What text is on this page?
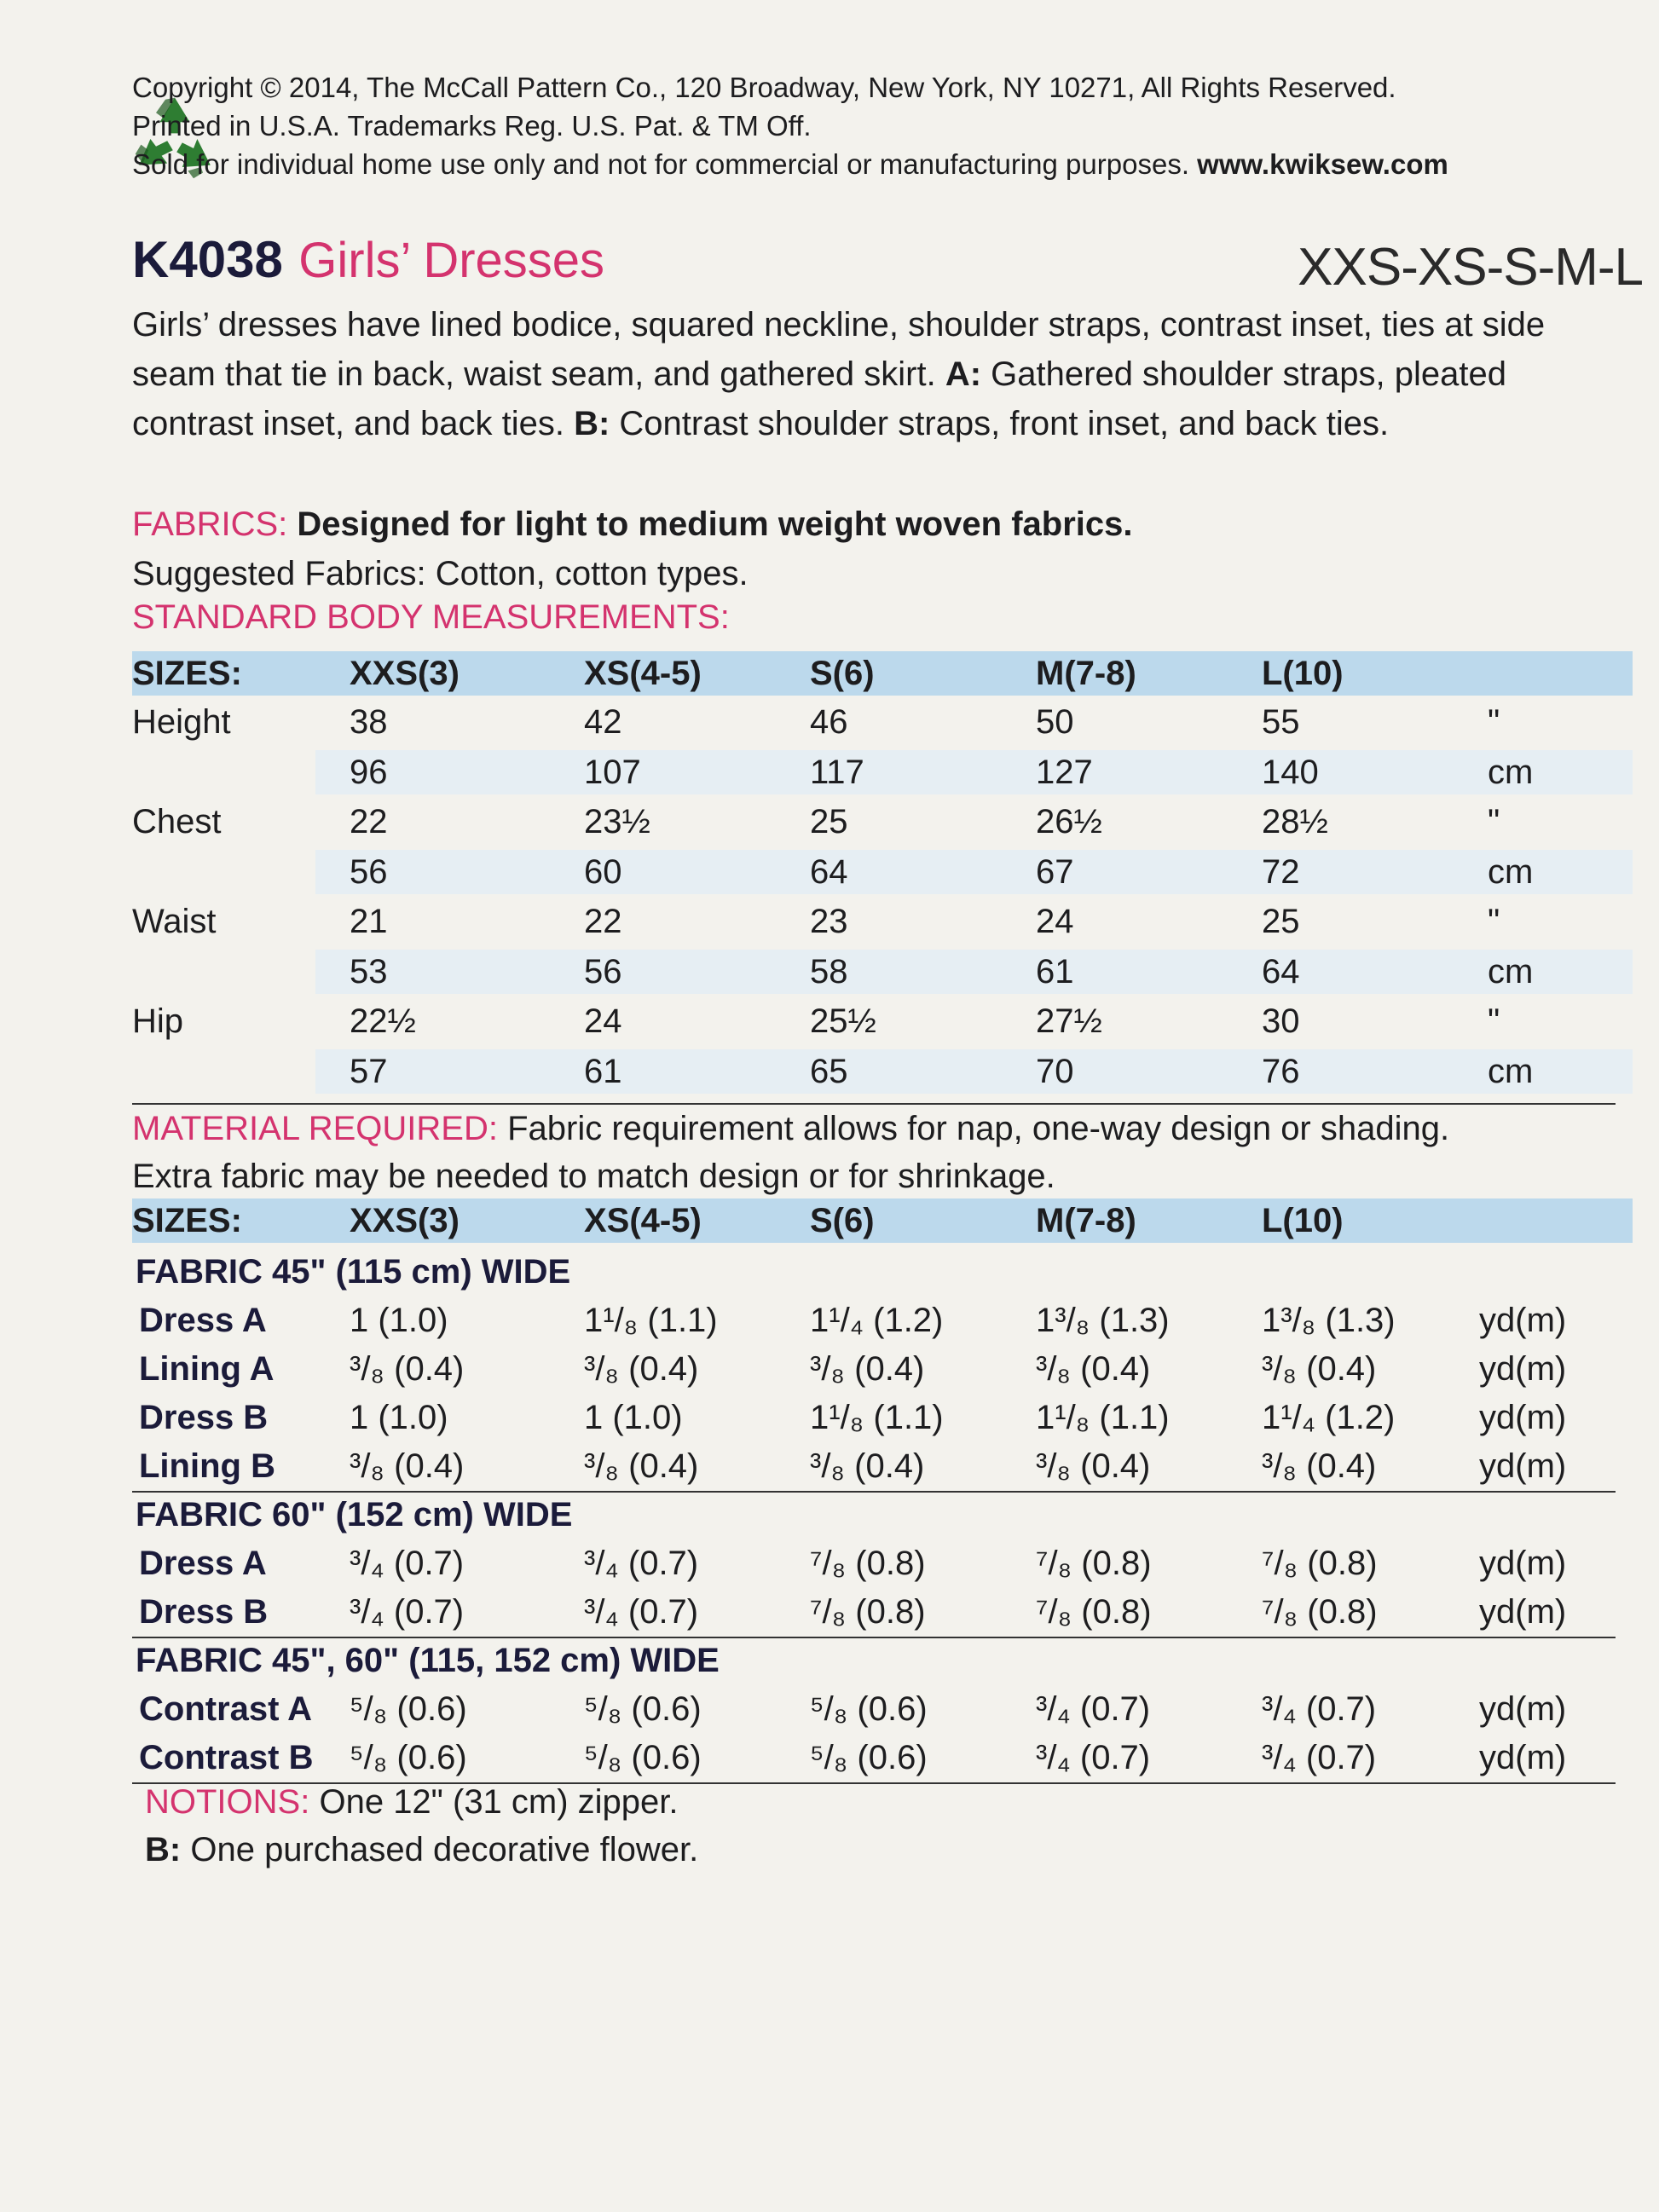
Copyright © 2014, The McCall Pattern Co., 120 Broadway, New York, NY 10271, All Rights Reserved.
Printed in U.S.A. Trademarks Reg. U.S. Pat. & TM Off.
Sold for individual home use only and not for commercial or manufacturing purposes. www.kwiksew.com
K4038 Girls’ Dresses	XXS-XS-S-M-L
Girls’ dresses have lined bodice, squared neckline, shoulder straps, contrast inset, ties at side seam that tie in back, waist seam, and gathered skirt. A: Gathered shoulder straps, pleated contrast inset, and back ties. B: Contrast shoulder straps, front inset, and back ties.
FABRICS: Designed for light to medium weight woven fabrics.
Suggested Fabrics: Cotton, cotton types.
STANDARD BODY MEASUREMENTS:
SIZES:	XXS(3)	XS(4-5)	S(6)	M(7-8)	L(10)
Height	38	42	46	50	55	"
96	107	117	127	140	cm
Chest	22	23½	25	26½	28½	"
56	60	64	67	72	cm
Waist	21	22	23	24	25	"
53	56	58	61	64	cm
Hip	22½	24	25½	27½	30	"
57	61	65	70	76	cm
MATERIAL REQUIRED: Fabric requirement allows for nap, one-way design or shading.
Extra fabric may be needed to match design or for shrinkage.
SIZES:	XXS(3)	XS(4-5)	S(6)	M(7-8)	L(10)
FABRIC 45" (115 cm) WIDE
Dress A 1 (1.0)	1¹/₈ (1.1)	1¹/₄ (1.2)	1³/₈ (1.3)	1³/₈ (1.3) yd(m)
Lining A ³/₈ (0.4)	³/₈ (0.4)	³/₈ (0.4)	³/₈ (0.4)	³/₈ (0.4)	yd(m)
Dress B 1 (1.0)	1 (1.0)	1¹/₈ (1.1)	1¹/₈ (1.1)	1¹/₄ (1.2) yd(m)
Lining B ³/₈ (0.4)	³/₈ (0.4)	³/₈ (0.4)	³/₈ (0.4)	³/₈ (0.4)	yd(m)
FABRIC 60" (152 cm) WIDE
Dress A ³/₄ (0.7)	³/₄ (0.7)	⁷/₈ (0.8)	⁷/₈ (0.8)	⁷/₈ (0.8)	yd(m)
Dress B ³/₄ (0.7)	³/₄ (0.7)	⁷/₈ (0.8)	⁷/₈ (0.8)	⁷/₈ (0.8)	yd(m)
FABRIC 45", 60" (115, 152 cm) WIDE
Contrast A ⁵/₈ (0.6)	⁵/₈ (0.6)	⁵/₈ (0.6)	³/₄ (0.7)	³/₄ (0.7)	yd(m)
Contrast B ⁵/₈ (0.6)	⁵/₈ (0.6)	⁵/₈ (0.6)	³/₄ (0.7)	³/₄ (0.7)	yd(m)
NOTIONS: One 12" (31 cm) zipper.
B: One purchased decorative flower.
